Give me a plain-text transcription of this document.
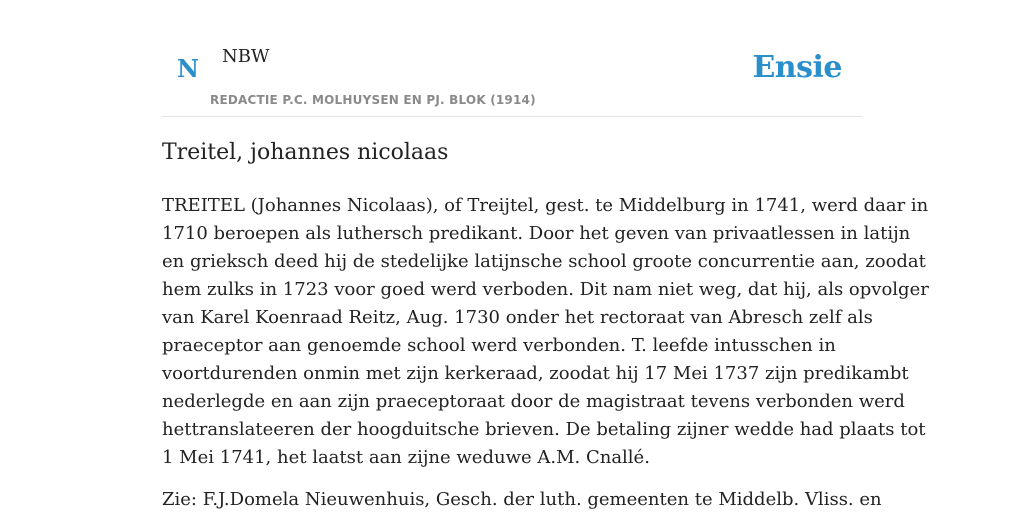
N NBW
REDACTIE P.C. MOLHUYSEN EN PJ. BLOK (1914)
Ensie
Treitel, johannes nicolaas

TREITEL (Johannes Nicolaas), of Treijtel, gest. te Middelburg in 1741, werd daar in
1710 beroepen als luthersch predikant. Door het geven van privaatlessen in latijn
en grieksch deed hij de stedelijke latijnsche school groote concurrentie aan, zoodat
hem zulks in 1723 voor goed werd verboden. Dit nam niet weg, dat hij, als opvolger
van Karel Koenraad Reitz, Aug. 1730 onder het rectoraat van Abresch zelf als
praeceptor aan genoemde school werd verbonden. T. leefde intusschen in
voortdurenden onmin met zijn kerkeraad, zoodat hij 17 Mei 1737 zijn predikambt
nederlegde en aan zijn praeceptoraat door de magistraat tevens verbonden werd
hettranslateeren der hoogduitsche brieven. De betaling zijner wedde had plaats tot
1 Mei 1741, het laatst aan zijne weduwe A.M. Cnallé.

Zie: F.J.Domela Nieuwenhuis, Gesch. der luth. gemeenten te Middelb. Vliss. en
